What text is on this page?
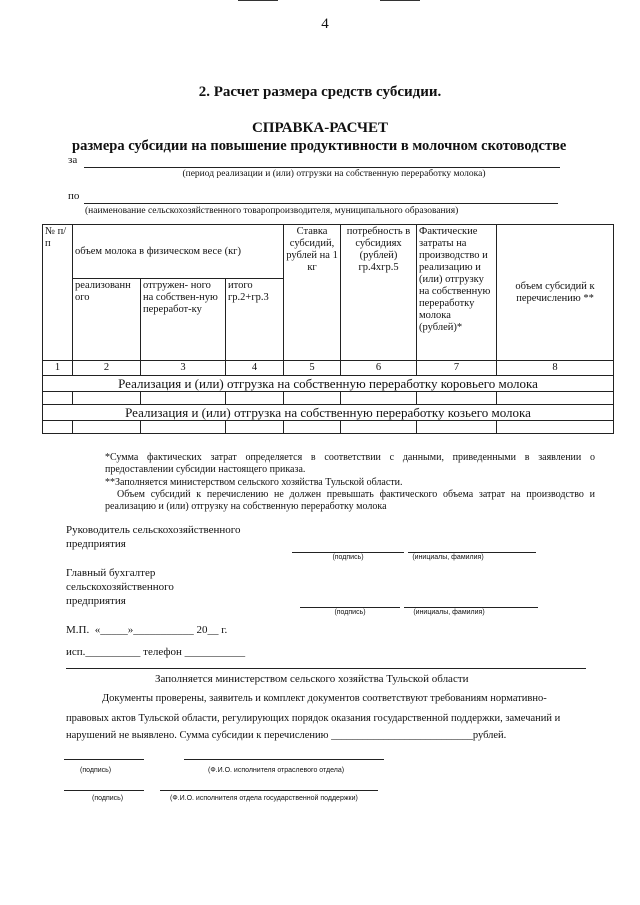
4
2. Расчет размера средств субсидии.
СПРАВКА-РАСЧЕТ
размера субсидии на повышение продуктивности в молочном скотоводстве
за
(период реализации и (или) отгрузки на собственную переработку молока)
по
(наименование сельскохозяйственного товаропроизводителя, муниципального образования)
№ п/ п	объем молока в физическом весе (кг)			Ставка субсидий, рублей на 1 кг	потребность в субсидиях (рублей) гр.4хгр.5	Фактические затраты на производство и реализацию и (или) отгрузку на собственную переработку молока (рублей)*	объем субсидий к перечислению **
	реализованн ого	отгружен- ного на собствен-ную переработ-ку	итого гр.2+гр.3				
1	2	3	4	5	6	7	8
Реализация и (или) отгрузка на собственную переработку коровьего молока							

Реализация и (или) отгрузка на собственную переработку козьего молока							

*Сумма фактических затрат определяется в соответствии с данными, приведенными в заявлении о предоставлении субсидии настоящего приказа.
**Заполняется министерством сельского хозяйства Тульской области.
Объем субсидий к перечислению не должен превышать фактического объема затрат на производство и реализацию и (или) отгрузку на собственную переработку молока
Руководитель сельскохозяйственного
предприятия
(подпись)	(инициалы, фамилия)
Главный бухгалтер
сельскохозяйственного
предприятия
(подпись)	(инициалы, фамилия)
М.П.  «_____»___________ 20__ г.
исп.__________ телефон ___________
Заполняется министерством сельского хозяйства Тульской области
Документы проверены, заявитель и комплект документов соответствуют требованиям нормативно-
правовых актов Тульской области, регулирующих порядок оказания государственной поддержки, замечаний и
нарушений не выявлено. Сумма субсидии к перечислению ___________________________рублей.
(подпись)	(Ф.И.О. исполнителя отраслевого отдела)
(подпись)	(Ф.И.О. исполнителя отдела государственной поддержки)
